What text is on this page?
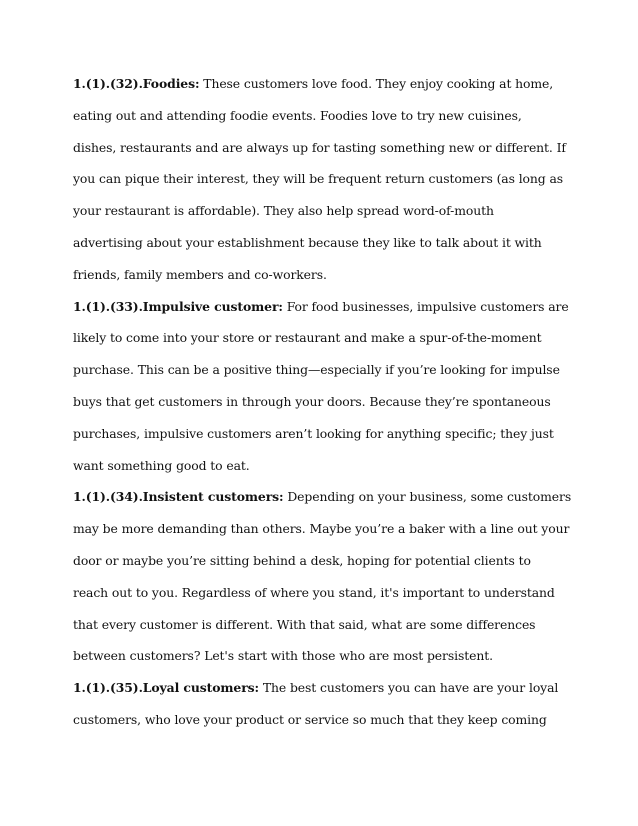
1.(1).(32).Foodies: These customers love food. They enjoy cooking at home,
eating out and attending foodie events. Foodies love to try new cuisines,
dishes, restaurants and are always up for tasting something new or different. If
you can pique their interest, they will be frequent return customers (as long as
your restaurant is affordable). They also help spread word-of-mouth
advertising about your establishment because they like to talk about it with
friends, family members and co-workers.
1.(1).(33).Impulsive customer: For food businesses, impulsive customers are
likely to come into your store or restaurant and make a spur-of-the-moment
purchase. This can be a positive thing—especially if you’re looking for impulse
buys that get customers in through your doors. Because they’re spontaneous
purchases, impulsive customers aren’t looking for anything specific; they just
want something good to eat.
1.(1).(34).Insistent customers: Depending on your business, some customers
may be more demanding than others. Maybe you’re a baker with a line out your
door or maybe you’re sitting behind a desk, hoping for potential clients to
reach out to you. Regardless of where you stand, it's important to understand
that every customer is different. With that said, what are some differences
between customers? Let's start with those who are most persistent.
1.(1).(35).Loyal customers: The best customers you can have are your loyal
customers, who love your product or service so much that they keep coming
